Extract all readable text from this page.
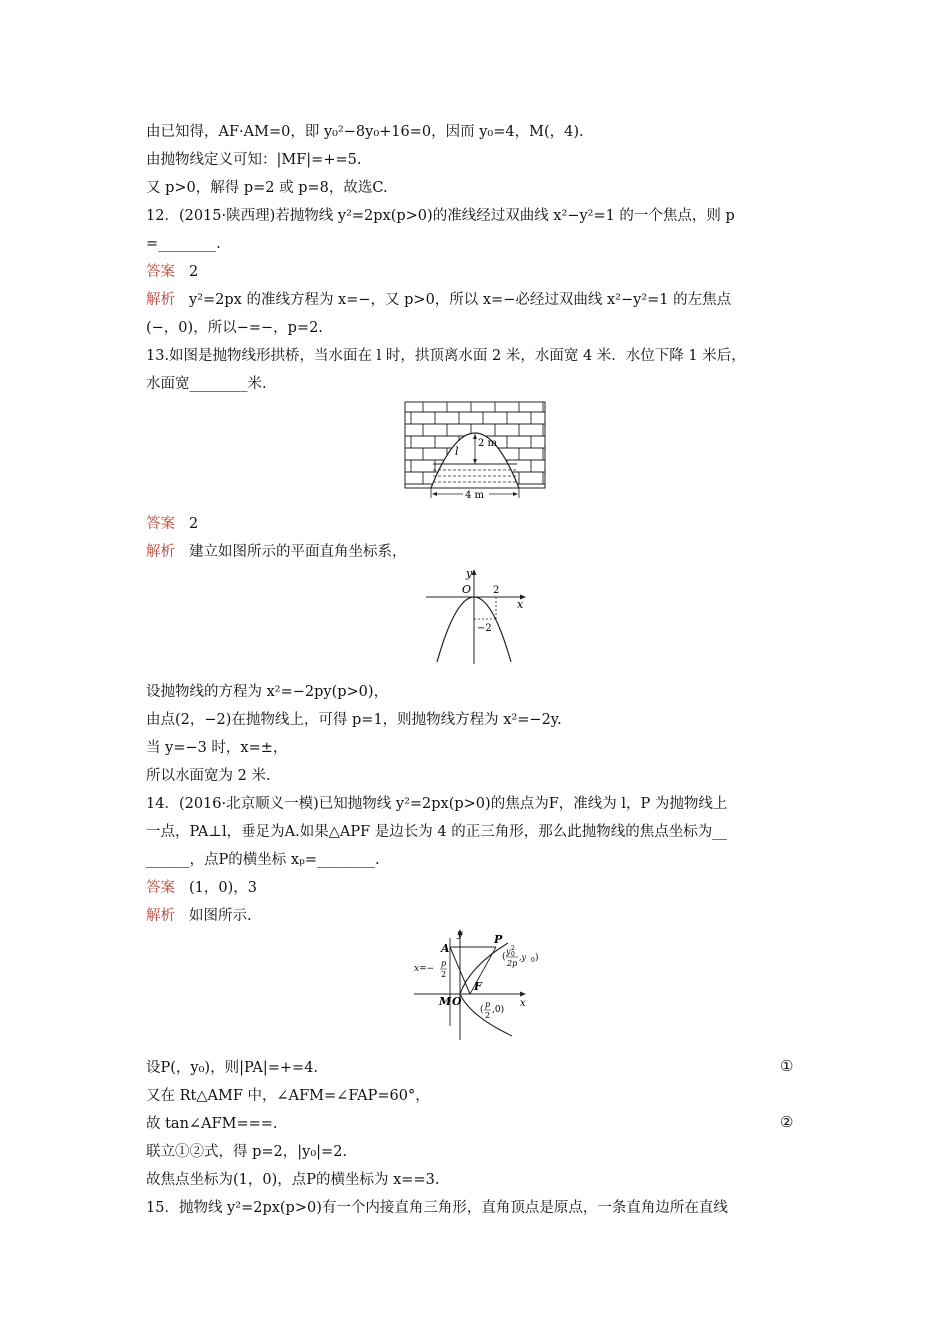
由已知得，AF·AM=0，即 y₀²−8y₀+16=0，因而 y₀=4，M(，4).
由抛物线定义可知：|MF|=+=5.
又 p>0，解得 p=2 或 p=8，故选C.
12．(2015·陕西理)若抛物线 y²=2px(p>0)的准线经过双曲线 x²−y²=1 的一个焦点，则 p
=________.
答案 2
解析 y²=2px 的准线方程为 x=−，又 p>0，所以 x=−必经过双曲线 x²−y²=1 的左焦点
(−，0)，所以−=−，p=2.
13.如图是抛物线形拱桥，当水面在 l 时，拱顶离水面 2 米，水面宽 4 米．水位下降 1 米后，
水面宽________米.
2 m
l
4 m
答案 2
解析 建立如图所示的平面直角坐标系，
y
x
O 2
−2
设抛物线的方程为 x²=−2py(p>0)，
由点(2，−2)在抛物线上，可得 p=1，则抛物线方程为 x²=−2y.
当 y=−3 时，x=±，
所以水面宽为 2 米.
14．(2016·北京顺义一模)已知抛物线 y²=2px(p>0)的焦点为F，准线为 l，P 为抛物线上
一点，PA⊥l，垂足为A.如果△APF 是边长为 4 的正三角形，那么此抛物线的焦点坐标为__
______，点P的横坐标 xₚ=________.
答案 (1，0)，3
解析 如图所示.
y
x
A
P
F
M O
x=−
p
2
(
y 2
0
2p
,y 0 )
(
p
2
,0)
设P(，y₀)，则|PA|=+=4.	①
又在 Rt△AMF 中，∠AFM=∠FAP=60°，
故 tan∠AFM===.	②
联立①②式，得 p=2，|y₀|=2.
故焦点坐标为(1，0)，点P的横坐标为 x==3.
15．抛物线 y²=2px(p>0)有一个内接直角三角形，直角顶点是原点，一条直角边所在直线
